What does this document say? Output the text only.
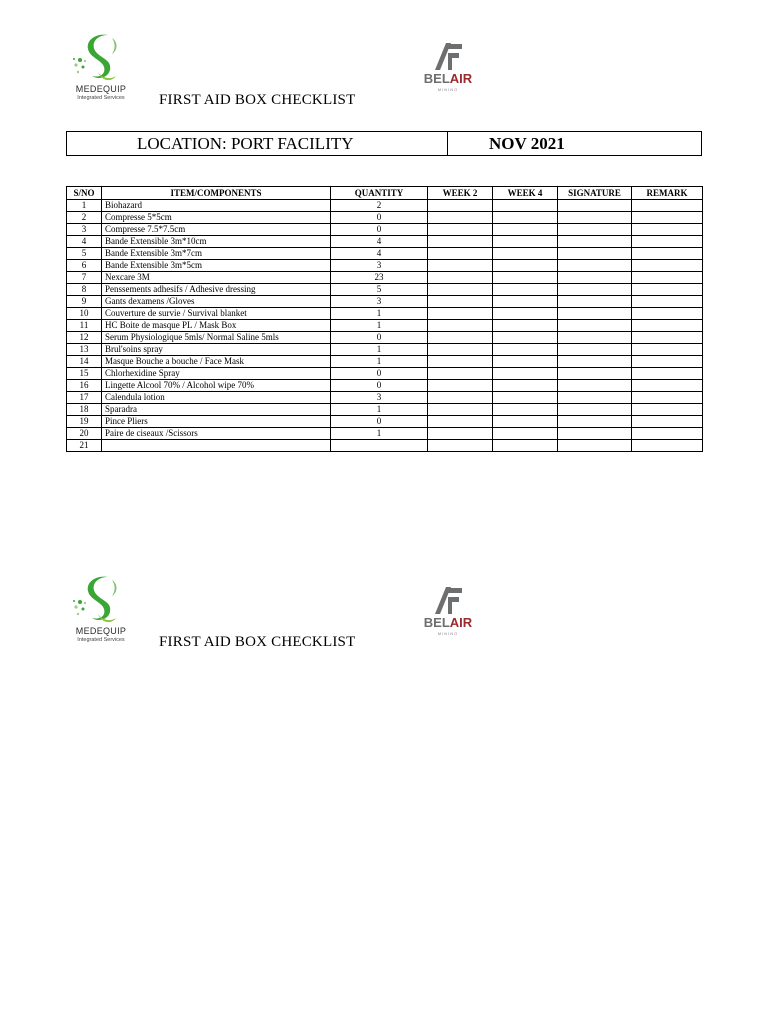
MEDEQUIP
Integrated Services
BELAIR
MINING
FIRST AID BOX CHECKLIST
LOCATION: PORT FACILITY	NOV 2021
S/NO	ITEM/COMPONENTS	QUANTITY	WEEK 2	WEEK 4	SIGNATURE	REMARK
1	Biohazard	2				
2	Compresse 5*5cm	0				
3	Compresse 7.5*7.5cm	0				
4	Bande Extensible 3m*10cm	4				
5	Bande Extensible 3m*7cm	4				
6	Bande Extensible 3m*5cm	3				
7	Nexcare 3M	23				
8	Penssements adhesifs / Adhesive dressing	5				
9	Gants dexamens /Gloves	3				
10	Couverture de survie / Survival blanket	1				
11	HC Boite de masque PL / Mask Box	1				
12	Serum Physiologique 5mls/ Normal Saline 5mls	0				
13	Brul'soins spray	1				
14	Masque Bouche a bouche / Face Mask	1				
15	Chlorhexidine Spray	0				
16	Lingette Alcool 70% / Alcohol wipe 70%	0				
17	Calendula lotion	3				
18	Sparadra	1				
19	Pince Pliers	0				
20	Paire de ciseaux /Scissors	1				
21						
MEDEQUIP
Integrated Services
BELAIR
MINING
FIRST AID BOX CHECKLIST
